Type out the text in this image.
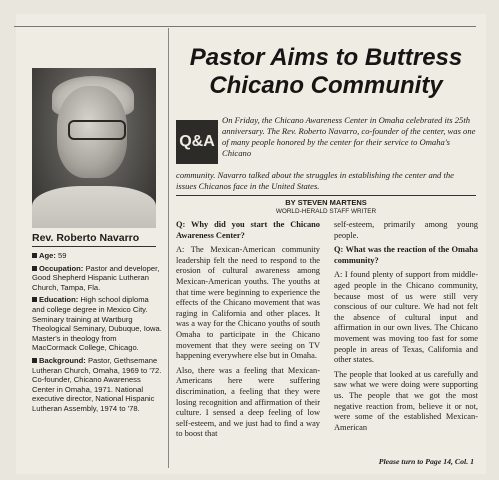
Rev. Roberto Navarro
Age: 59
Occupation: Pastor and developer, Good Shepherd Hispanic Lutheran Church, Tampa, Fla.
Education: High school diploma and college degree in Mexico City. Seminary training at Wartburg Theological Seminary, Dubuque, Iowa. Master's in theology from MacCormack College, Chicago.
Background: Pastor, Gethsemane Lutheran Church, Omaha, 1969 to '72. Co-founder, Chicano Awareness Center in Omaha, 1971. National executive director, National Hispanic Lutheran Assembly, 1974 to '78.
Pastor Aims to Buttress
Chicano Community
Q&A
On Friday, the Chicano Awareness Center in Omaha celebrated its 25th anniversary. The Rev. Roberto Navarro, co-founder of the center, was one of many people honored by the center for their service to Omaha's Chicano
community. Navarro talked about the struggles in establishing the center and the issues Chicanos face in the United States.
BY STEVEN MARTENS
WORLD-HERALD STAFF WRITER

Q: Why did you start the Chicano Awareness Center?

A: The Mexican-American community leadership felt the need to respond to the erosion of cultural awareness among Mexican-American youths. The youths at that time were beginning to experience the effects of the Chicano movement that was raging in California and other places. It was a way for the Chicano youths of south Omaha to participate in the Chicano movement that they were seeing on TV happening everywhere else but in Omaha.

Also, there was a feeling that Mexican-Americans here were suffering discrimination, a feeling that they were losing recognition and affirmation of their culture. I sensed a deep feeling of low self-esteem, and we just had to find a way to boost that

self-esteem, primarily among young people.

Q: What was the reaction of the Omaha community?

A: I found plenty of support from middle-aged people in the Chicano community, because most of us were still very conscious of our culture. We had not felt the absence of cultural input and affirmation in our own lives. The Chicano movement was moving too fast for some people in areas of Texas, California and other states.

The people that looked at us carefully and saw what we were doing were supporting us. The people that we got the most negative reaction from, believe it or not, were some of the established Mexican-American

Please turn to Page 14, Col. 1
